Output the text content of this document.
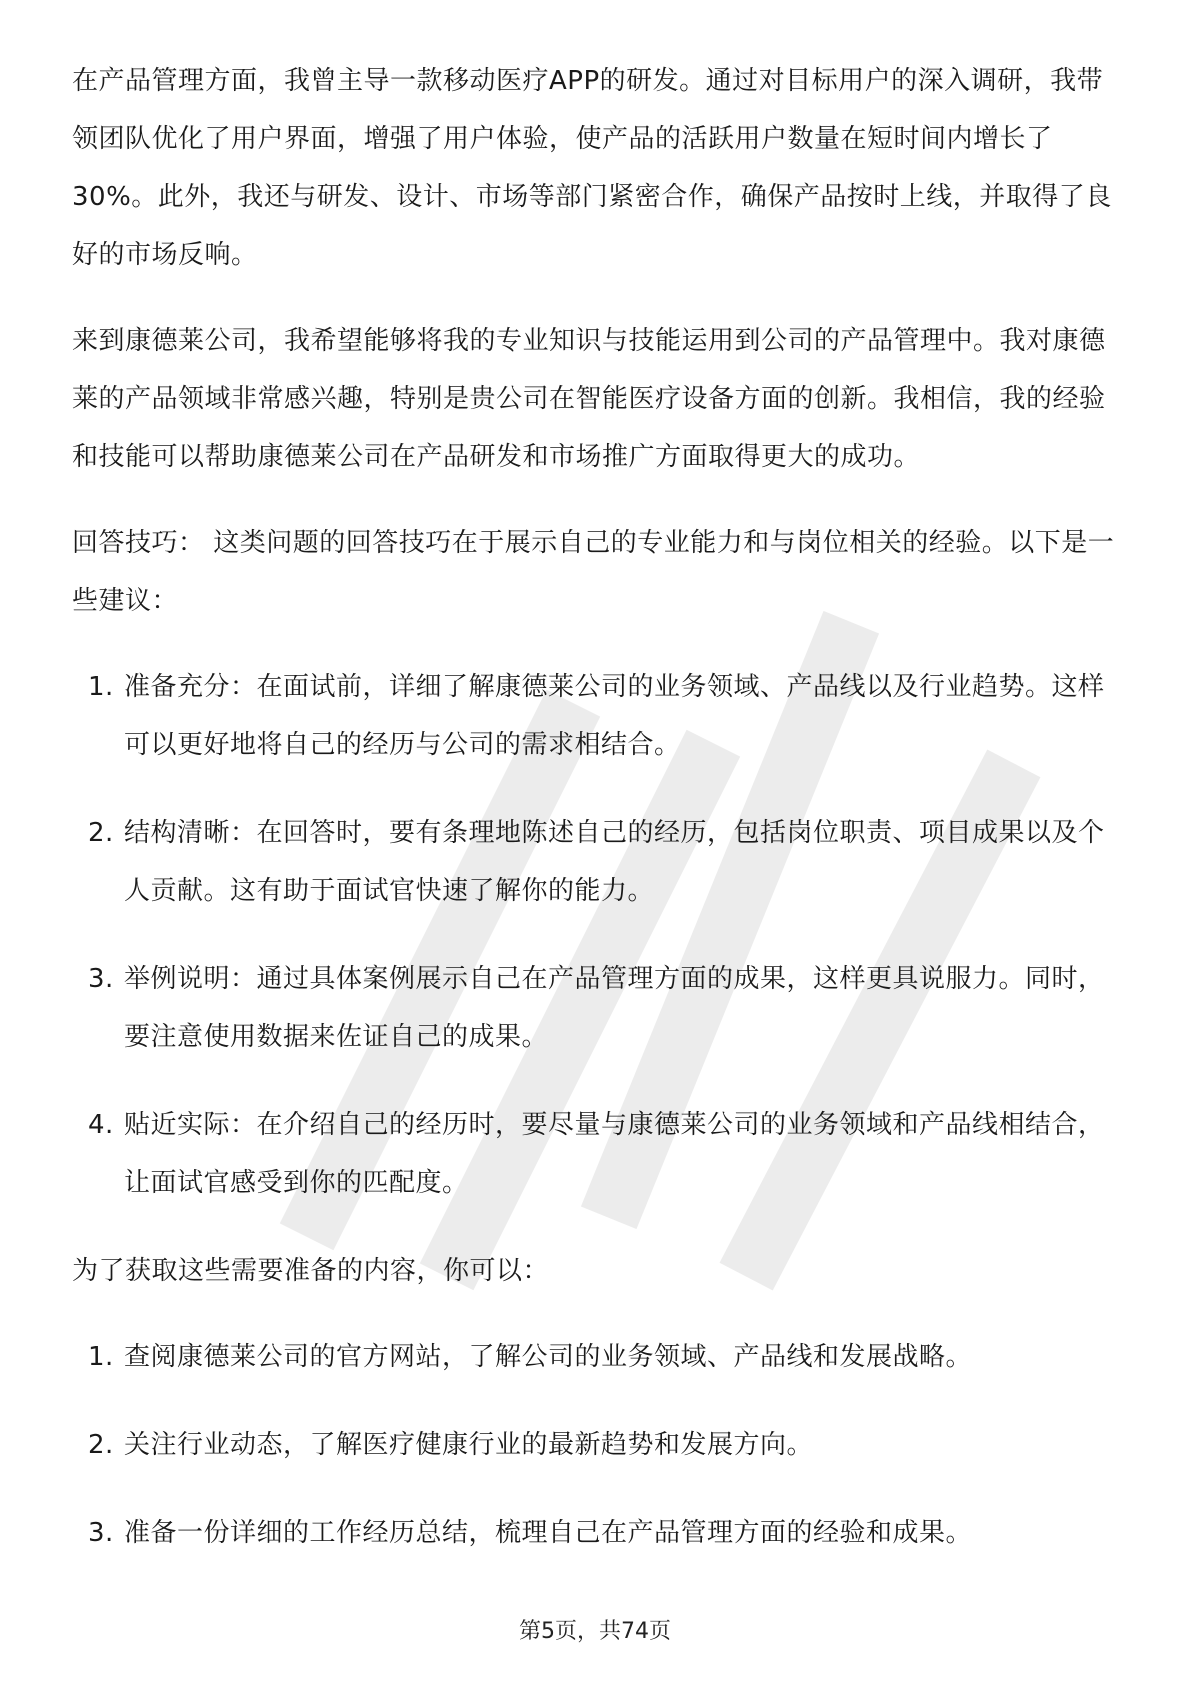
在产品管理方面，我曾主导一款移动医疗APP的研发。通过对目标用户的深入调研，我带领团队优化了用户界面，增强了用户体验，使产品的活跃用户数量在短时间内增长了30%。此外，我还与研发、设计、市场等部门紧密合作，确保产品按时上线，并取得了良好的市场反响。

来到康德莱公司，我希望能够将我的专业知识与技能运用到公司的产品管理中。我对康德莱的产品领域非常感兴趣，特别是贵公司在智能医疗设备方面的创新。我相信，我的经验和技能可以帮助康德莱公司在产品研发和市场推广方面取得更大的成功。

回答技巧： 这类问题的回答技巧在于展示自己的专业能力和与岗位相关的经验。以下是一些建议：

1. 准备充分：在面试前，详细了解康德莱公司的业务领域、产品线以及行业趋势。这样可以更好地将自己的经历与公司的需求相结合。
2. 结构清晰：在回答时，要有条理地陈述自己的经历，包括岗位职责、项目成果以及个人贡献。这有助于面试官快速了解你的能力。
3. 举例说明：通过具体案例展示自己在产品管理方面的成果，这样更具说服力。同时，要注意使用数据来佐证自己的成果。
4. 贴近实际：在介绍自己的经历时，要尽量与康德莱公司的业务领域和产品线相结合，让面试官感受到你的匹配度。

为了获取这些需要准备的内容，你可以：

1. 查阅康德莱公司的官方网站，了解公司的业务领域、产品线和发展战略。
2. 关注行业动态，了解医疗健康行业的最新趋势和发展方向。
3. 准备一份详细的工作经历总结，梳理自己在产品管理方面的经验和成果。
第5页，共74页
